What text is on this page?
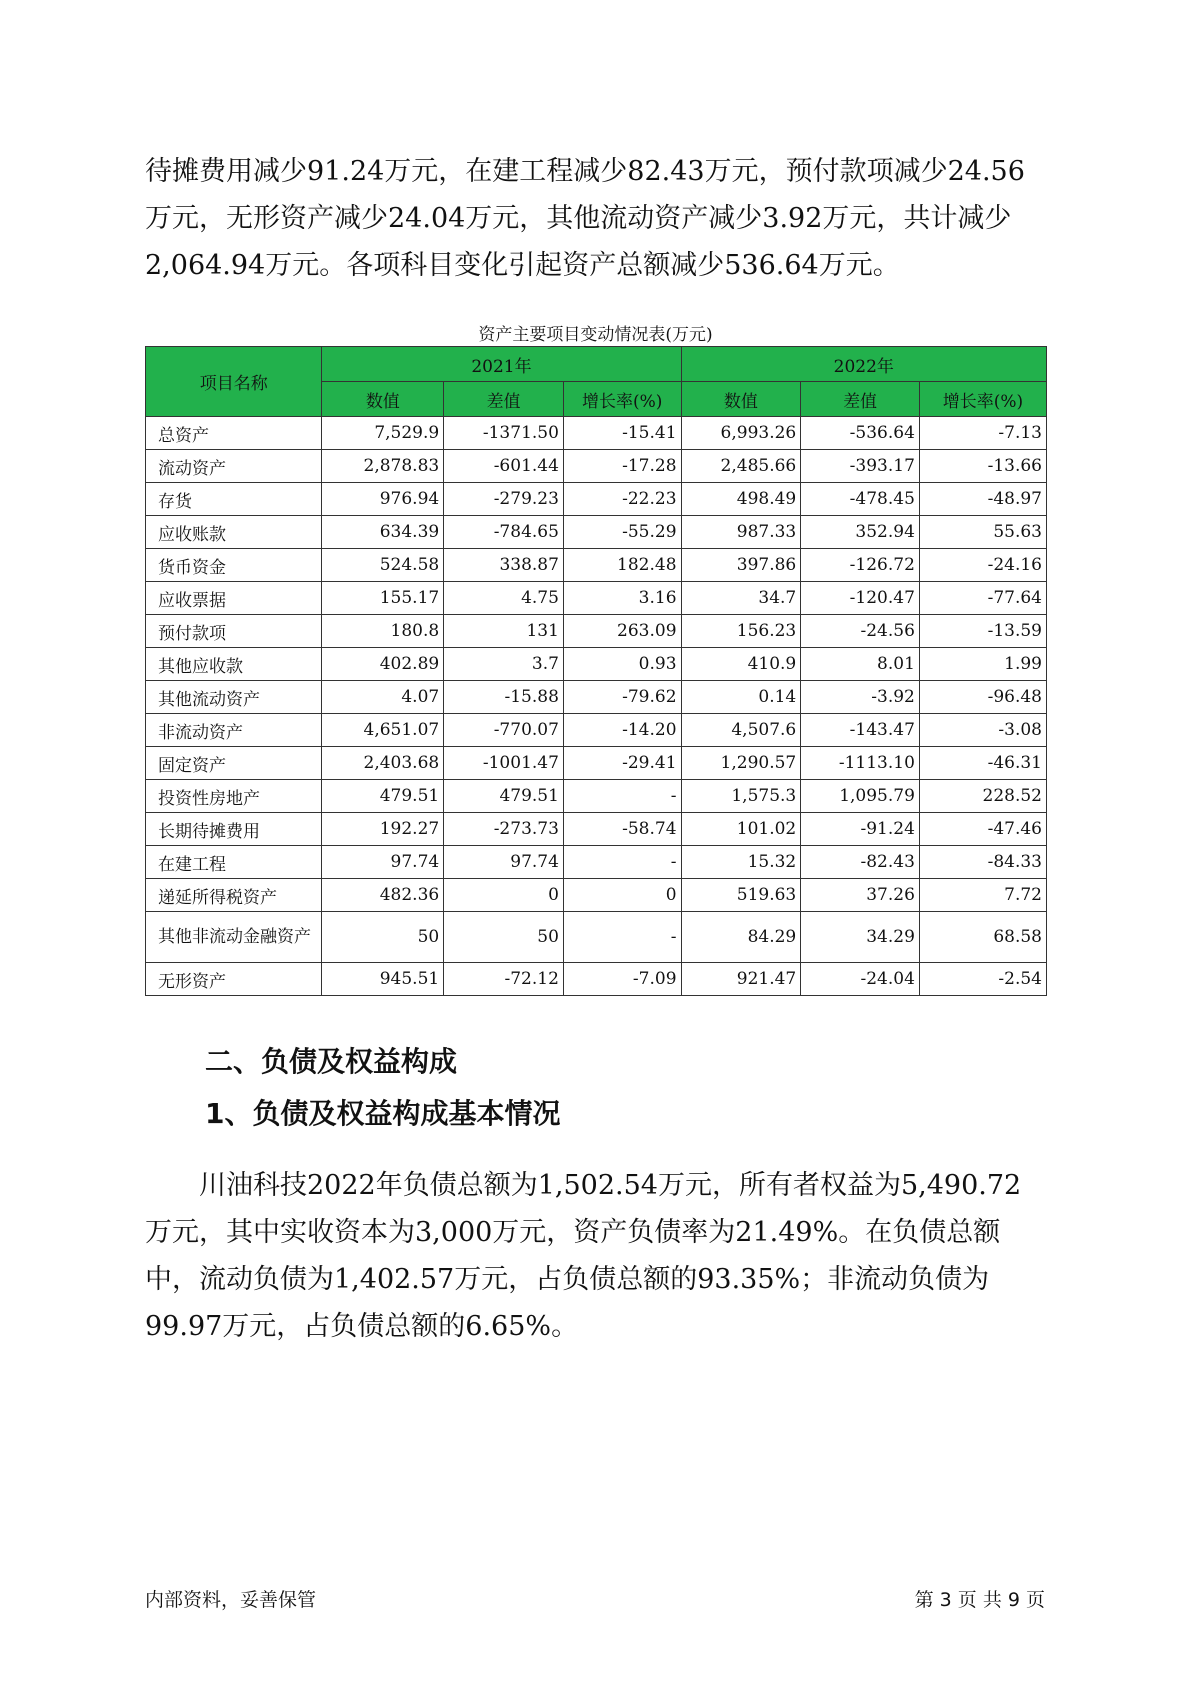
待摊费用减少91.24万元，在建工程减少82.43万元，预付款项减少24.56万元，无形资产减少24.04万元，其他流动资产减少3.92万元，共计减少2,064.94万元。各项科目变化引起资产总额减少536.64万元。

资产主要项目变动情况表(万元)
项目名称	2021年			2022年		
	数值	差值	增长率(%)	数值	差值	增长率(%)
总资产	7,529.9	-1371.50	-15.41	6,993.26	-536.64	-7.13
流动资产	2,878.83	-601.44	-17.28	2,485.66	-393.17	-13.66
存货	976.94	-279.23	-22.23	498.49	-478.45	-48.97
应收账款	634.39	-784.65	-55.29	987.33	352.94	55.63
货币资金	524.58	338.87	182.48	397.86	-126.72	-24.16
应收票据	155.17	4.75	3.16	34.7	-120.47	-77.64
预付款项	180.8	131	263.09	156.23	-24.56	-13.59
其他应收款	402.89	3.7	0.93	410.9	8.01	1.99
其他流动资产	4.07	-15.88	-79.62	0.14	-3.92	-96.48
非流动资产	4,651.07	-770.07	-14.20	4,507.6	-143.47	-3.08
固定资产	2,403.68	-1001.47	-29.41	1,290.57	-1113.10	-46.31
投资性房地产	479.51	479.51	-	1,575.3	1,095.79	228.52
长期待摊费用	192.27	-273.73	-58.74	101.02	-91.24	-47.46
在建工程	97.74	97.74	-	15.32	-82.43	-84.33
递延所得税资产	482.36	0	0	519.63	37.26	7.72
其他非流动金融资产	50	50	-	84.29	34.29	68.58
无形资产	945.51	-72.12	-7.09	921.47	-24.04	-2.54
二、负债及权益构成
1、负债及权益构成基本情况

川油科技2022年负债总额为1,502.54万元，所有者权益为5,490.72万元，其中实收资本为3,000万元，资产负债率为21.49%。在负债总额中，流动负债为1,402.57万元，占负债总额的93.35%；非流动负债为99.97万元，占负债总额的6.65%。

内部资料，妥善保管	第 3 页 共 9 页
